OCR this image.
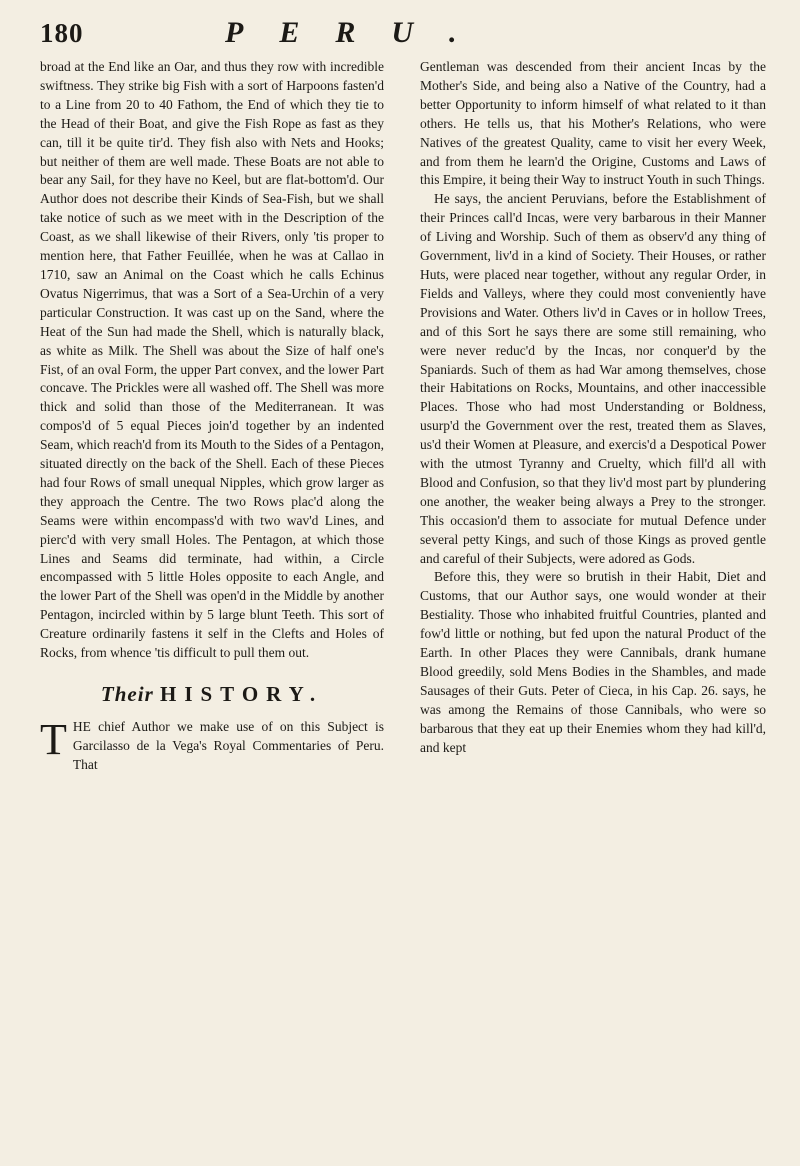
180	PERU.

broad at the End like an Oar, and thus they row with incredible swiftness. They strike big Fish with a sort of Harpoons fasten'd to a Line from 20 to 40 Fathom, the End of which they tie to the Head of their Boat, and give the Fish Rope as fast as they can, till it be quite tir'd. They fish also with Nets and Hooks; but neither of them are well made. These Boats are not able to bear any Sail, for they have no Keel, but are flat-bottom'd. Our Author does not describe their Kinds of Sea-Fish, but we shall take notice of such as we meet with in the Description of the Coast, as we shall likewise of their Rivers, only 'tis proper to mention here, that Father Feuillée, when he was at Callao in 1710, saw an Animal on the Coast which he calls Echinus Ovatus Nigerrimus, that was a Sort of a Sea-Urchin of a very particular Construction. It was cast up on the Sand, where the Heat of the Sun had made the Shell, which is naturally black, as white as Milk. The Shell was about the Size of half one's Fist, of an oval Form, the upper Part convex, and the lower Part concave. The Prickles were all washed off. The Shell was more thick and solid than those of the Mediterranean. It was compos'd of 5 equal Pieces join'd together by an indented Seam, which reach'd from its Mouth to the Sides of a Pentagon, situated directly on the back of the Shell. Each of these Pieces had four Rows of small unequal Nipples, which grow larger as they approach the Centre. The two Rows plac'd along the Seams were within encompass'd with two wav'd Lines, and pierc'd with very small Holes. The Pentagon, at which those Lines and Seams did terminate, had within, a Circle encompassed with 5 little Holes opposite to each Angle, and the lower Part of the Shell was open'd in the Middle by another Pentagon, incircled within by 5 large blunt Teeth. This sort of Creature ordinarily fastens it self in the Clefts and Holes of Rocks, from whence 'tis difficult to pull them out.

Their HISTORY.

THE chief Author we make use of on this Subject is Garcilasso de la Vega's Royal Commentaries of Peru. That

Gentleman was descended from their ancient Incas by the Mother's Side, and being also a Native of the Country, had a better Opportunity to inform himself of what related to it than others. He tells us, that his Mother's Relations, who were Natives of the greatest Quality, came to visit her every Week, and from them he learn'd the Origine, Customs and Laws of this Empire, it being their Way to instruct Youth in such Things.

He says, the ancient Peruvians, before the Establishment of their Princes call'd Incas, were very barbarous in their Manner of Living and Worship. Such of them as observ'd any thing of Government, liv'd in a kind of Society. Their Houses, or rather Huts, were placed near together, without any regular Order, in Fields and Valleys, where they could most conveniently have Provisions and Water. Others liv'd in Caves or in hollow Trees, and of this Sort he says there are some still remaining, who were never reduc'd by the Incas, nor conquer'd by the Spaniards. Such of them as had War among themselves, chose their Habitations on Rocks, Mountains, and other inaccessible Places. Those who had most Understanding or Boldness, usurp'd the Government over the rest, treated them as Slaves, us'd their Women at Pleasure, and exercis'd a Despotical Power with the utmost Tyranny and Cruelty, which fill'd all with Blood and Confusion, so that they liv'd most part by plundering one another, the weaker being always a Prey to the stronger. This occasion'd them to associate for mutual Defence under several petty Kings, and such of those Kings as proved gentle and careful of their Subjects, were adored as Gods.

Before this, they were so brutish in their Habit, Diet and Customs, that our Author says, one would wonder at their Bestiality. Those who inhabited fruitful Countries, planted and fow'd little or nothing, but fed upon the natural Product of the Earth. In other Places they were Cannibals, drank humane Blood greedily, sold Mens Bodies in the Shambles, and made Sausages of their Guts. Peter of Cieca, in his Cap. 26. says, he was among the Remains of those Cannibals, who were so barbarous that they eat up their Enemies whom they had kill'd, and kept
